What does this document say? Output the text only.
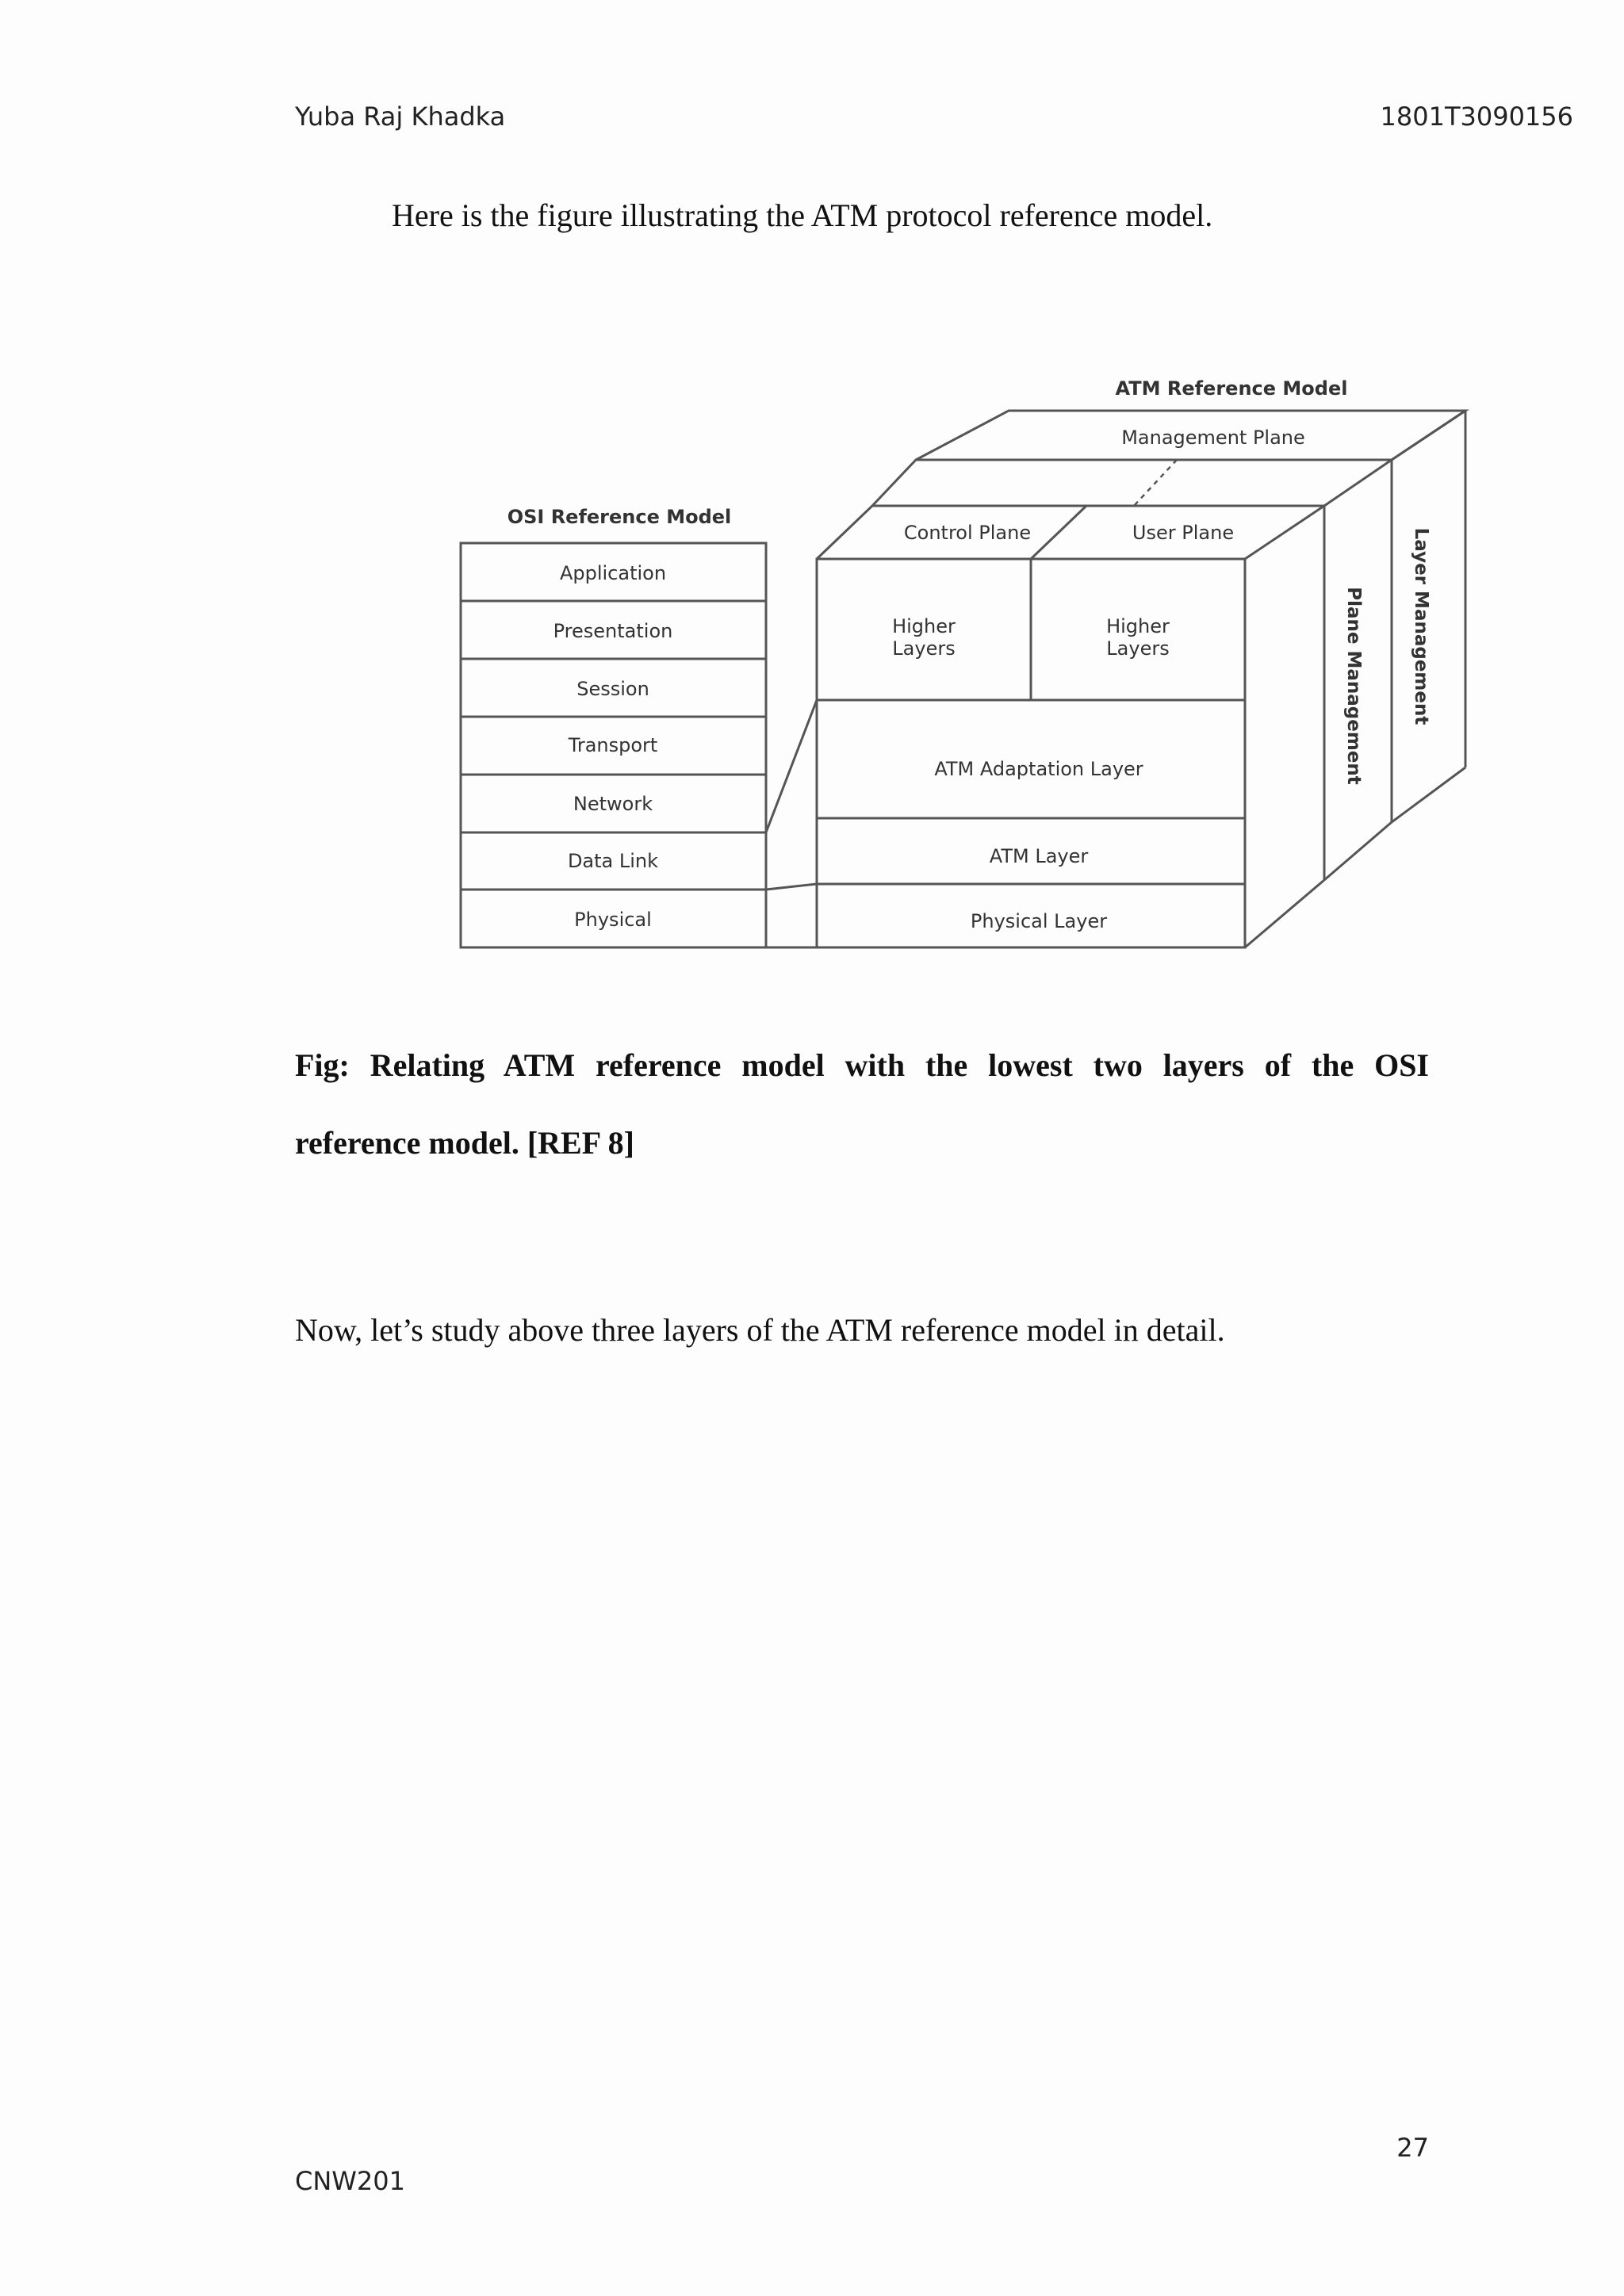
Yuba Raj Khadka	1801T3090156
Here is the figure illustrating the ATM protocol reference model.
OSI Reference Model
Application
Presentation
Session
Transport
Network
Data Link
Physical
ATM Reference Model
Management Plane
Control Plane	User Plane
Higher
Layers
Higher
Layers
ATM Adaptation Layer
ATM Layer
Physical Layer
Plane Management	Layer Management
Fig: Relating ATM reference model with the lowest two layers of the OSI
reference model. [REF 8]
Now, let’s study above three layers of the ATM reference model in detail.
27
CNW201
